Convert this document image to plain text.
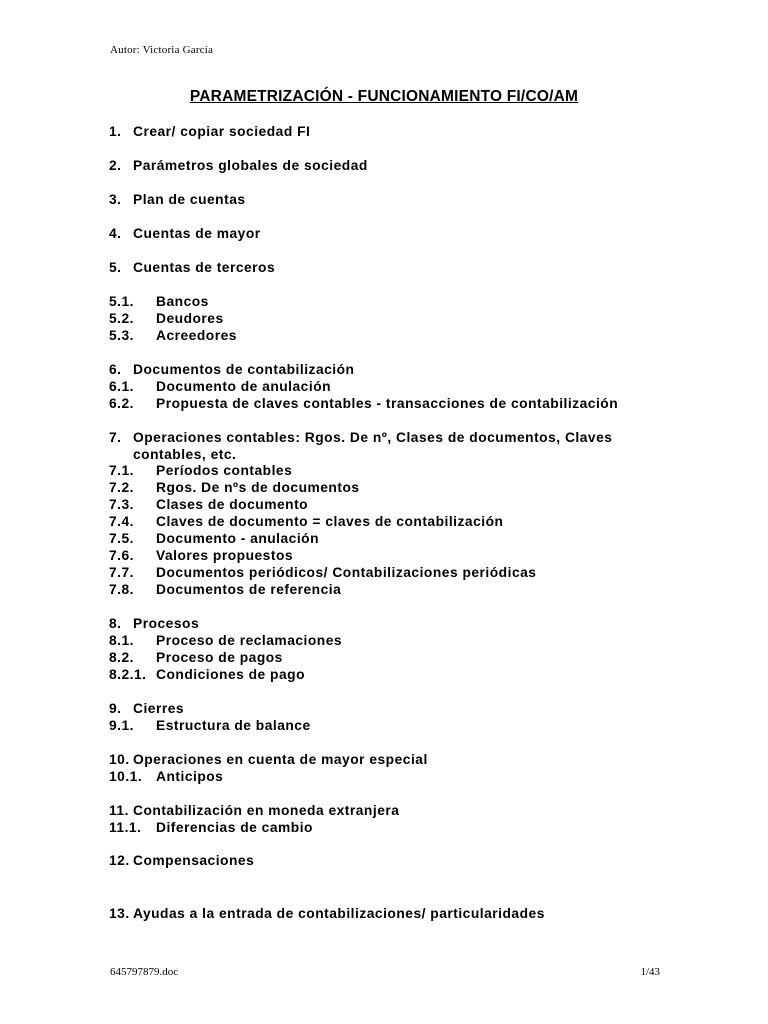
Autor: Victoria García
PARAMETRIZACIÓN - FUNCIONAMIENTO FI/CO/AM
1. Crear/ copiar sociedad FI
2. Parámetros globales de sociedad
3. Plan de cuentas
4. Cuentas de mayor
5. Cuentas de terceros
5.1. Bancos
5.2. Deudores
5.3. Acreedores
6. Documentos de contabilización
6.1. Documento de anulación
6.2. Propuesta de claves contables - transacciones de contabilización
7. Operaciones contables: Rgos. De nº, Clases de documentos, Claves
contables, etc.
7.1. Períodos contables
7.2. Rgos. De nºs de documentos
7.3. Clases de documento
7.4. Claves de documento = claves de contabilización
7.5. Documento - anulación
7.6. Valores propuestos
7.7. Documentos periódicos/ Contabilizaciones periódicas
7.8. Documentos de referencia
8. Procesos
8.1. Proceso de reclamaciones
8.2. Proceso de pagos
8.2.1. Condiciones de pago
9. Cierres
9.1. Estructura de balance
10. Operaciones en cuenta de mayor especial
10.1. Anticipos
11. Contabilización en moneda extranjera
11.1. Diferencias de cambio
12. Compensaciones
13. Ayudas a la entrada de contabilizaciones/ particularidades
645797879.doc	1/43
